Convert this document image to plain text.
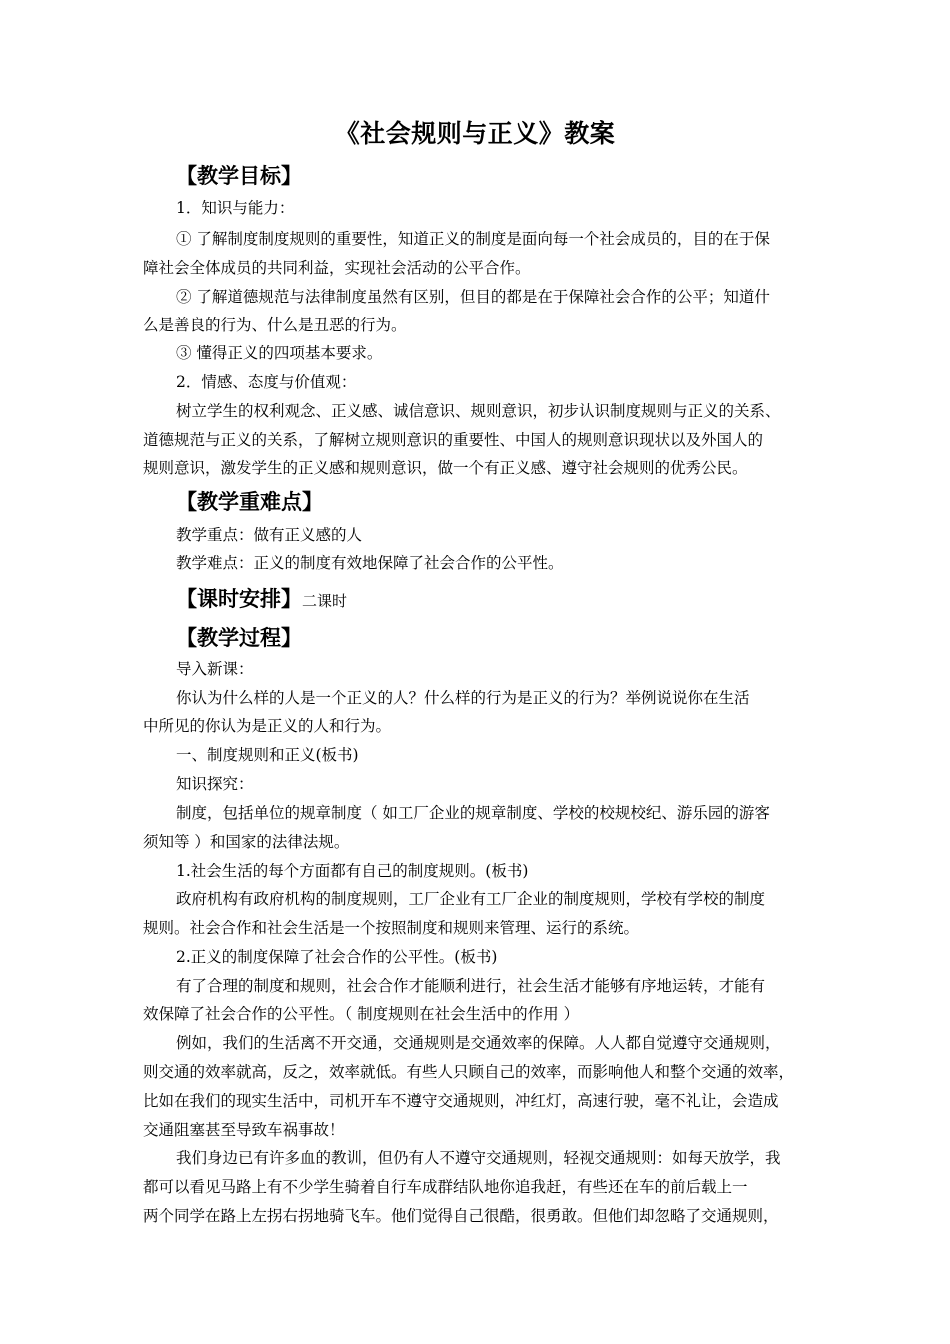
《社会规则与正义》教案
【教学目标】
1．知识与能力：
① 了解制度制度规则的重要性，知道正义的制度是面向每一个社会成员的，目的在于保
障社会全体成员的共同利益，实现社会活动的公平合作。
② 了解道德规范与法律制度虽然有区别，但目的都是在于保障社会合作的公平；知道什
么是善良的行为、什么是丑恶的行为。
③ 懂得正义的四项基本要求。
2．情感、态度与价值观：
树立学生的权利观念、正义感、诚信意识、规则意识，初步认识制度规则与正义的关系、
道德规范与正义的关系，了解树立规则意识的重要性、中国人的规则意识现状以及外国人的
规则意识，激发学生的正义感和规则意识，做一个有正义感、遵守社会规则的优秀公民。
【教学重难点】
教学重点：做有正义感的人
教学难点：正义的制度有效地保障了社会合作的公平性。
【课时安排】二课时
【教学过程】
导入新课：
你认为什么样的人是一个正义的人？什么样的行为是正义的行为？举例说说你在生活
中所见的你认为是正义的人和行为。
一、制度规则和正义(板书)
知识探究：
制度，包括单位的规章制度（ 如工厂企业的规章制度、学校的校规校纪、游乐园的游客
须知等 ）和国家的法律法规。
1.社会生活的每个方面都有自己的制度规则。(板书)
政府机构有政府机构的制度规则，工厂企业有工厂企业的制度规则，学校有学校的制度
规则。社会合作和社会生活是一个按照制度和规则来管理、运行的系统。
2.正义的制度保障了社会合作的公平性。(板书)
有了合理的制度和规则，社会合作才能顺利进行，社会生活才能够有序地运转，才能有
效保障了社会合作的公平性。（ 制度规则在社会生活中的作用 ）
例如，我们的生活离不开交通，交通规则是交通效率的保障。人人都自觉遵守交通规则，
则交通的效率就高，反之，效率就低。有些人只顾自己的效率，而影响他人和整个交通的效率，
比如在我们的现实生活中，司机开车不遵守交通规则，冲红灯，高速行驶，毫不礼让，会造成
交通阻塞甚至导致车祸事故！
我们身边已有许多血的教训，但仍有人不遵守交通规则，轻视交通规则：如每天放学，我
都可以看见马路上有不少学生骑着自行车成群结队地你追我赶，有些还在车的前后载上一
两个同学在路上左拐右拐地骑飞车。他们觉得自己很酷，很勇敢。但他们却忽略了交通规则，
